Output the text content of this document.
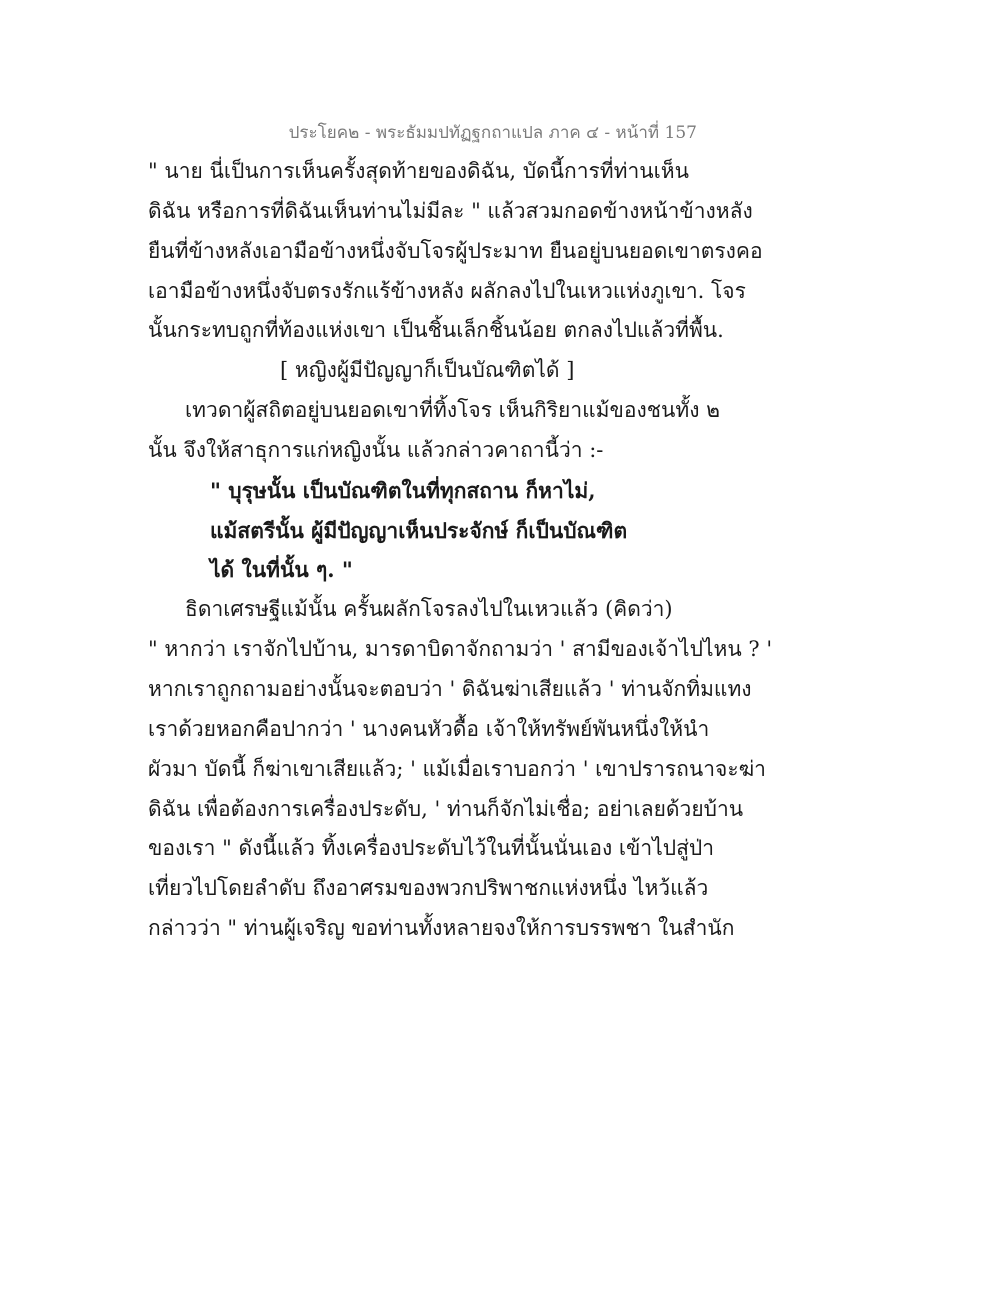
ประโยค๒ - พระธัมมปทัฏฐกถาแปล ภาค ๔ - หน้าที่ 157
" นาย นี่เป็นการเห็นครั้งสุดท้ายของดิฉัน, บัดนี้การที่ท่านเห็น
ดิฉัน หรือการที่ดิฉันเห็นท่านไม่มีละ " แล้วสวมกอดข้างหน้าข้างหลัง
ยืนที่ข้างหลังเอามือข้างหนึ่งจับโจรผู้ประมาท ยืนอยู่บนยอดเขาตรงคอ
เอามือข้างหนึ่งจับตรงรักแร้ข้างหลัง ผลักลงไปในเหวแห่งภูเขา. โจร
นั้นกระทบถูกที่ท้องแห่งเขา เป็นชิ้นเล็กชิ้นน้อย ตกลงไปแล้วที่พื้น.
[ หญิงผู้มีปัญญาก็เป็นบัณฑิตได้ ]
เทวดาผู้สถิตอยู่บนยอดเขาที่ทิ้งโจร เห็นกิริยาแม้ของชนทั้ง ๒
นั้น จึงให้สาธุการแก่หญิงนั้น แล้วกล่าวคาถานี้ว่า :-
" บุรุษนั้น เป็นบัณฑิตในที่ทุกสถาน ก็หาไม่,
แม้สตรีนั้น ผู้มีปัญญาเห็นประจักษ์ ก็เป็นบัณฑิต
ได้ ในที่นั้น ๆ. "
ธิดาเศรษฐีแม้นั้น ครั้นผลักโจรลงไปในเหวแล้ว (คิดว่า)
" หากว่า เราจักไปบ้าน, มารดาบิดาจักถามว่า ' สามีของเจ้าไปไหน ? '
หากเราถูกถามอย่างนั้นจะตอบว่า ' ดิฉันฆ่าเสียแล้ว ' ท่านจักทิ่มแทง
เราด้วยหอกคือปากว่า ' นางคนหัวดื้อ เจ้าให้ทรัพย์พันหนึ่งให้นำ
ผัวมา บัดนี้ ก็ฆ่าเขาเสียแล้ว; ' แม้เมื่อเราบอกว่า ' เขาปรารถนาจะฆ่า
ดิฉัน เพื่อต้องการเครื่องประดับ, ' ท่านก็จักไม่เชื่อ; อย่าเลยด้วยบ้าน
ของเรา " ดังนี้แล้ว ทิ้งเครื่องประดับไว้ในที่นั้นนั่นเอง เข้าไปสู่ป่า
เที่ยวไปโดยลำดับ ถึงอาศรมของพวกปริพาชกแห่งหนึ่ง ไหว้แล้ว
กล่าวว่า " ท่านผู้เจริญ ขอท่านทั้งหลายจงให้การบรรพชา ในสำนัก
